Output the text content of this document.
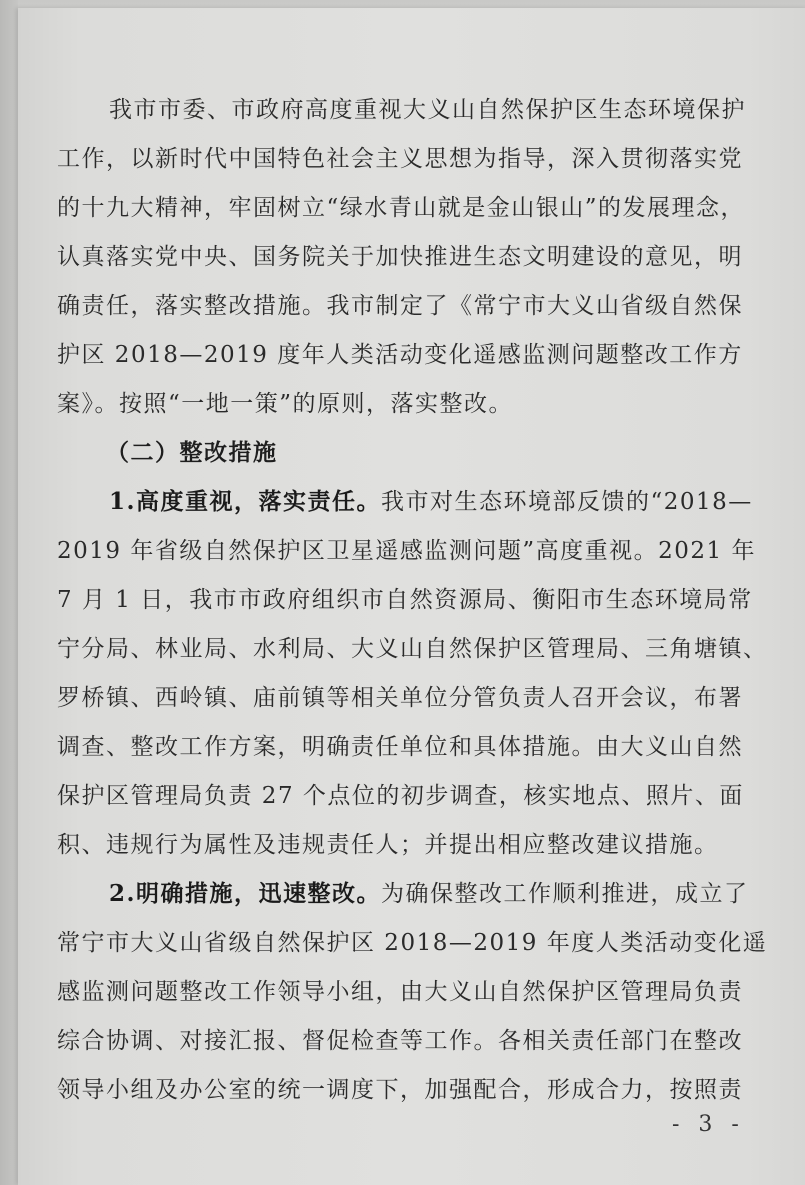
我市市委、市政府高度重视大义山自然保护区生态环境保护
工作，以新时代中国特色社会主义思想为指导，深入贯彻落实党
的十九大精神，牢固树立“绿水青山就是金山银山”的发展理念，
认真落实党中央、国务院关于加快推进生态文明建设的意见，明
确责任，落实整改措施。我市制定了《常宁市大义山省级自然保
护区 2018—2019 度年人类活动变化遥感监测问题整改工作方
案》。按照“一地一策”的原则，落实整改。
（二）整改措施
1.高度重视，落实责任。我市对生态环境部反馈的“2018—
2019 年省级自然保护区卫星遥感监测问题”高度重视。2021 年
7 月 1 日，我市市政府组织市自然资源局、衡阳市生态环境局常
宁分局、林业局、水利局、大义山自然保护区管理局、三角塘镇、
罗桥镇、西岭镇、庙前镇等相关单位分管负责人召开会议，布署
调查、整改工作方案，明确责任单位和具体措施。由大义山自然
保护区管理局负责 27 个点位的初步调查，核实地点、照片、面
积、违规行为属性及违规责任人；并提出相应整改建议措施。
2.明确措施，迅速整改。为确保整改工作顺利推进，成立了
常宁市大义山省级自然保护区 2018—2019 年度人类活动变化遥
感监测问题整改工作领导小组，由大义山自然保护区管理局负责
综合协调、对接汇报、督促检查等工作。各相关责任部门在整改
领导小组及办公室的统一调度下，加强配合，形成合力，按照责
- 3 -
